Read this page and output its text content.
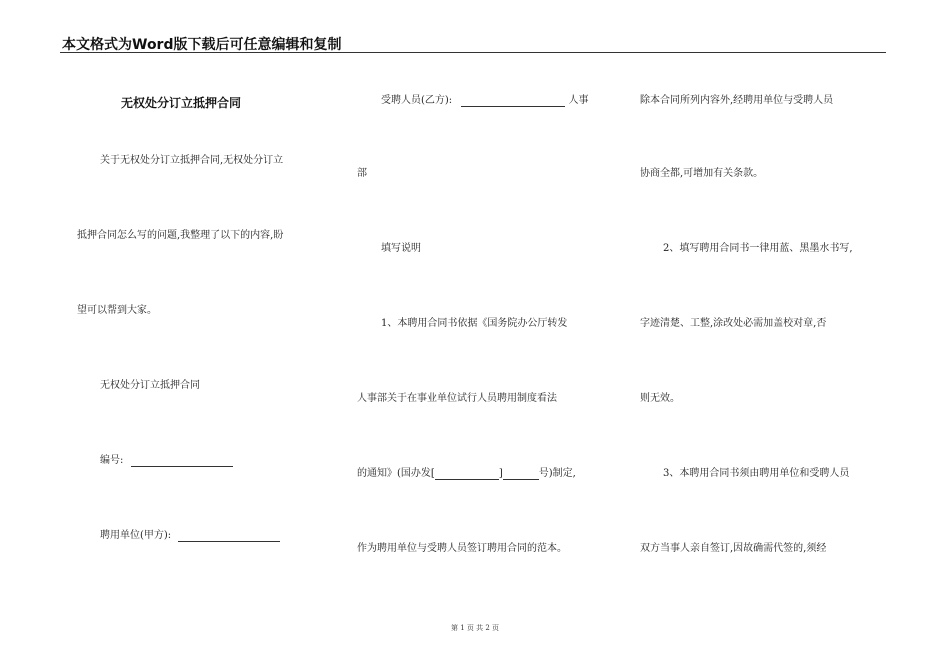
本文格式为Word版下载后可任意编辑和复制
无权处分订立抵押合同
关于无权处分订立抵押合同,无权处分订立
抵押合同怎么写的问题,我整理了以下的内容,盼
望可以帮到大家。
无权处分订立抵押合同
编号:
聘用单位(甲方):
受聘人员(乙方):	人事
部
填写说明
1、本聘用合同书依据《国务院办公厅转发
人事部关于在事业单位试行人员聘用制度看法
的通知》(国办发[	]	号)制定,
作为聘用单位与受聘人员签订聘用合同的范本。
除本合同所列内容外,经聘用单位与受聘人员
协商全都,可增加有关条款。
2、填写聘用合同书一律用蓝、黑墨水书写,
字迹清楚、工整,涂改处必需加盖校对章,否
则无效。
3、本聘用合同书须由聘用单位和受聘人员
双方当事人亲自签订,因故确需代签的,须经
第 1 页 共 2 页
